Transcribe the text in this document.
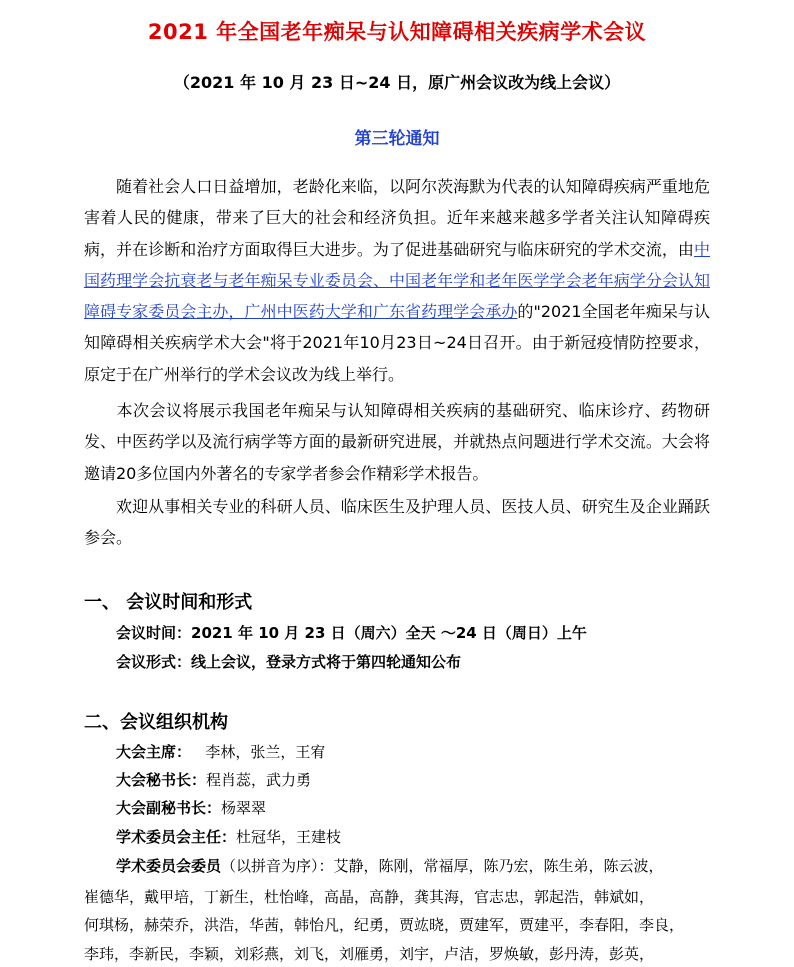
2021 年全国老年痴呆与认知障碍相关疾病学术会议
（2021 年 10 月 23 日~24 日，原广州会议改为线上会议）
第三轮通知

随着社会人口日益增加，老龄化来临，以阿尔茨海默为代表的认知障碍疾病严重地危害着人民的健康，带来了巨大的社会和经济负担。近年来越来越多学者关注认知障碍疾病，并在诊断和治疗方面取得巨大进步。为了促进基础研究与临床研究的学术交流，由中国药理学会抗衰老与老年痴呆专业委员会、中国老年学和老年医学学会老年病学分会认知障碍专家委员会主办，广州中医药大学和广东省药理学会承办的"2021全国老年痴呆与认知障碍相关疾病学术大会"将于2021年10月23日~24日召开。由于新冠疫情防控要求，原定于在广州举行的学术会议改为线上举行。

本次会议将展示我国老年痴呆与认知障碍相关疾病的基础研究、临床诊疗、药物研发、中医药学以及流行病学等方面的最新研究进展，并就热点问题进行学术交流。大会将邀请20多位国内外著名的专家学者参会作精彩学术报告。

欢迎从事相关专业的科研人员、临床医生及护理人员、医技人员、研究生及企业踊跃参会。

一、 会议时间和形式
会议时间：2021 年 10 月 23 日（周六）全天 ～24 日（周日）上午
会议形式：线上会议，登录方式将于第四轮通知公布
二、会议组织机构
大会主席：   李林，张兰，王宥
大会秘书长：程肖蕊，武力勇
大会副秘书长：杨翠翠
学术委员会主任：杜冠华，王建枝
学术委员会委员（以拼音为序）：艾静，陈刚，常福厚，陈乃宏，陈生弟，陈云波，
崔德华，戴甲培，丁新生，杜怡峰，高晶，高静，龚其海，官志忠，郭起浩，韩斌如，
何琪杨，赫荣乔，洪浩，华茜，韩怡凡，纪勇，贾竑晓，贾建军，贾建平，李春阳，李良，
李玮，李新民，李颖，刘彩燕，刘飞，刘雁勇，刘宇，卢洁，罗焕敏，彭丹涛，彭英，
